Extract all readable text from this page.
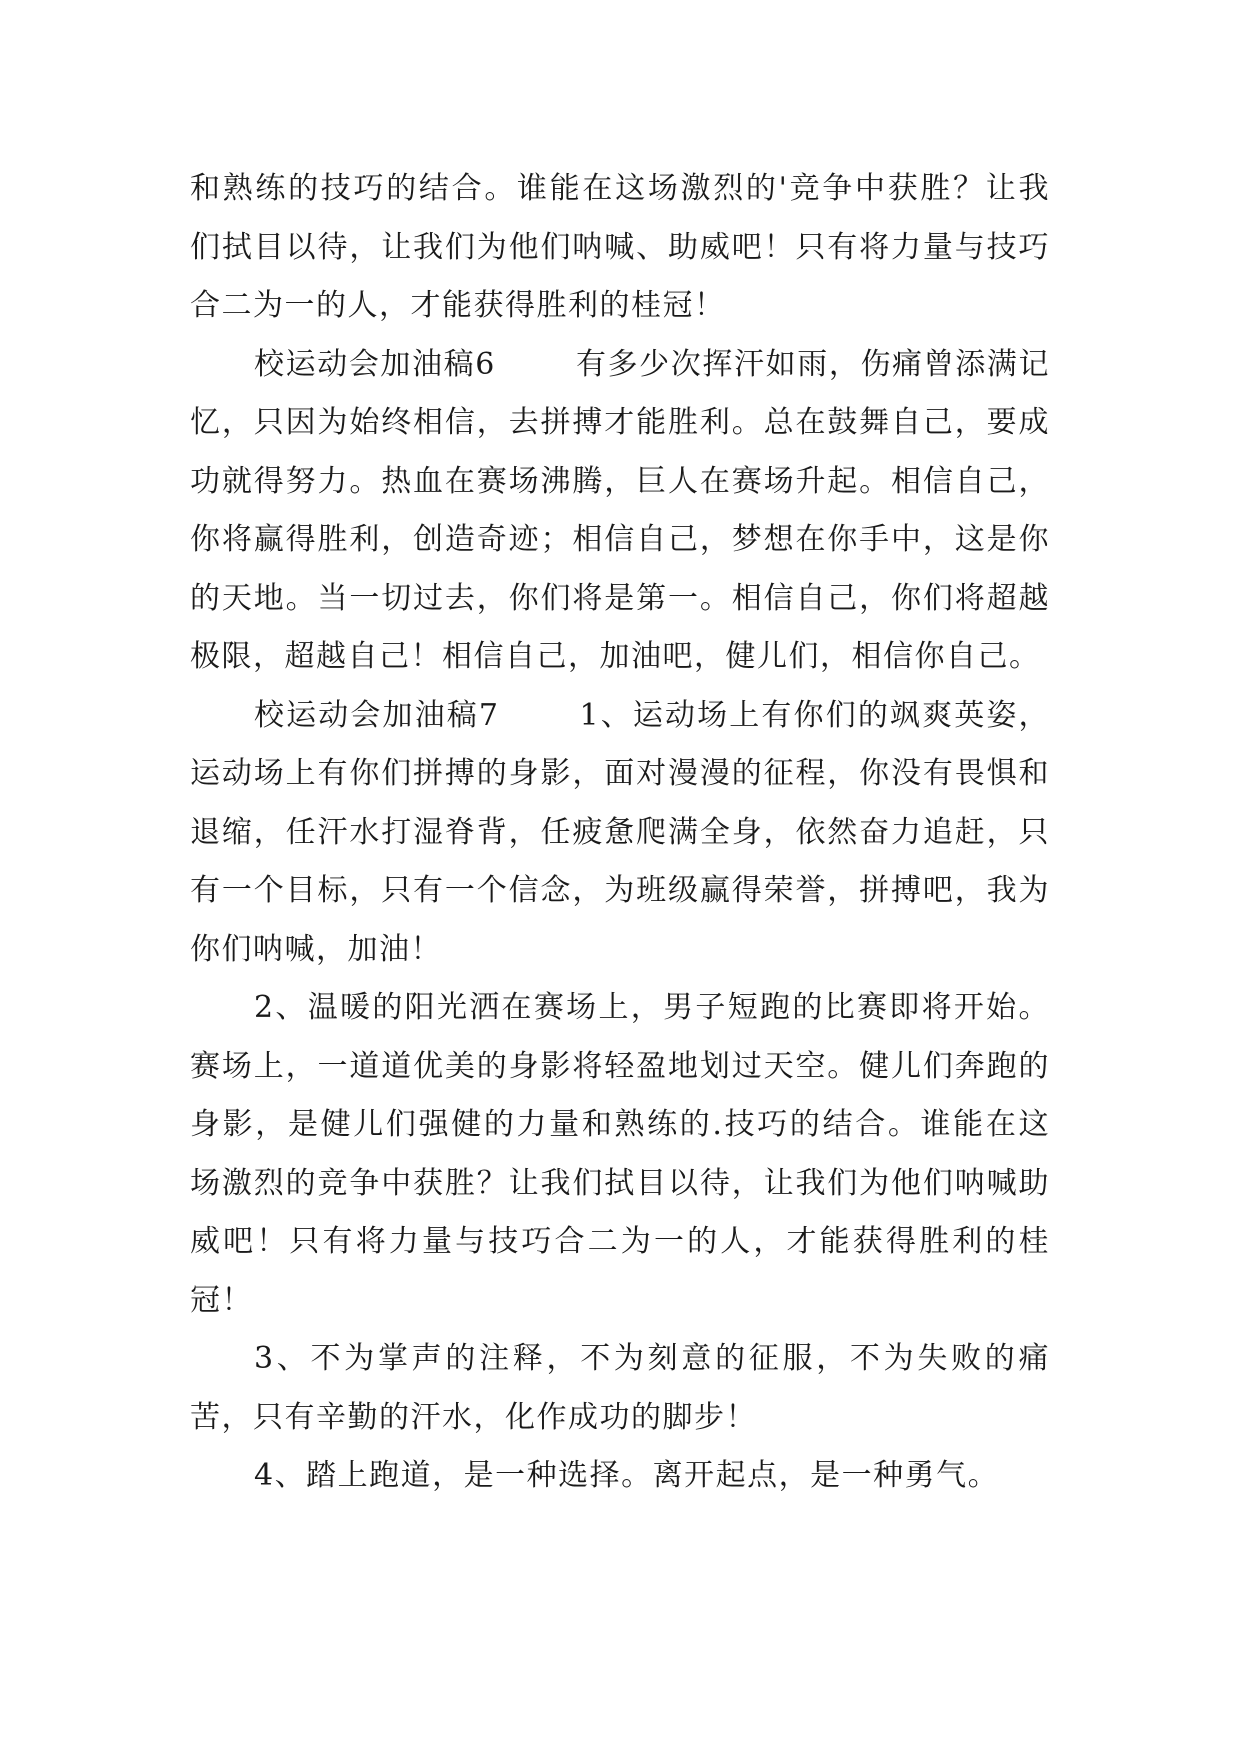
和熟练的技巧的结合。谁能在这场激烈的'竞争中获胜？让我们拭目以待，让我们为他们呐喊、助威吧！只有将力量与技巧合二为一的人，才能获得胜利的桂冠！

校运动会加油稿6	有多少次挥汗如雨，伤痛曾添满记忆，只因为始终相信，去拼搏才能胜利。总在鼓舞自己，要成功就得努力。热血在赛场沸腾，巨人在赛场升起。相信自己，你将赢得胜利，创造奇迹；相信自己，梦想在你手中，这是你的天地。当一切过去，你们将是第一。相信自己，你们将超越极限，超越自己！相信自己，加油吧，健儿们，相信你自己。

校运动会加油稿7	1、运动场上有你们的飒爽英姿，运动场上有你们拼搏的身影，面对漫漫的征程，你没有畏惧和退缩，任汗水打湿脊背，任疲惫爬满全身，依然奋力追赶，只有一个目标，只有一个信念，为班级赢得荣誉，拼搏吧，我为你们呐喊，加油！

2、温暖的阳光洒在赛场上，男子短跑的比赛即将开始。赛场上，一道道优美的身影将轻盈地划过天空。健儿们奔跑的身影，是健儿们强健的力量和熟练的.技巧的结合。谁能在这场激烈的竞争中获胜？让我们拭目以待，让我们为他们呐喊助威吧！只有将力量与技巧合二为一的人，才能获得胜利的桂冠！

3、不为掌声的注释，不为刻意的征服，不为失败的痛苦，只有辛勤的汗水，化作成功的脚步！

4、踏上跑道，是一种选择。离开起点，是一种勇气。
